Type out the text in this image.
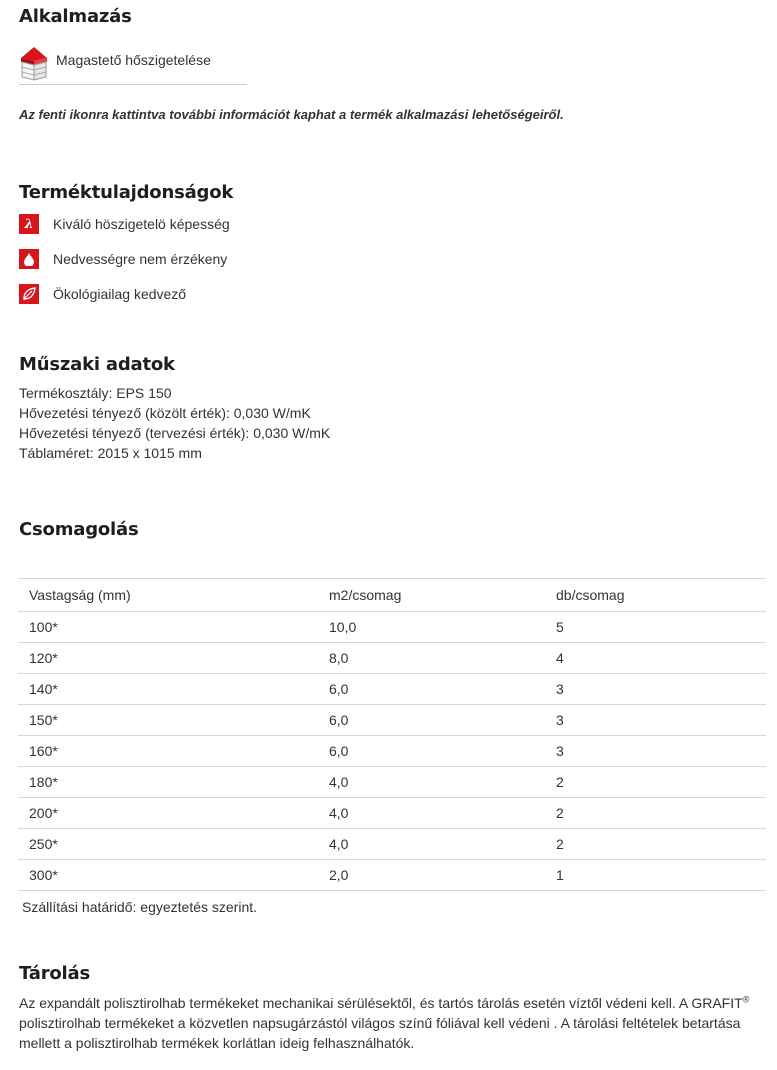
Alkalmazás
Magastető hőszigetelése
Az fenti ikonra kattintva további információt kaphat a termék alkalmazási lehetőségeiről.
Terméktulajdonságok
λ Kiváló höszigetelö képesség
Nedvességre nem érzékeny
Ökológiailag kedvező
Műszaki adatok
Termékosztály: EPS 150
Hővezetési tényező (közölt érték): 0,030 W/mK
Hővezetési tényező (tervezési érték): 0,030 W/mK
Táblaméret: 2015 x 1015 mm
Csomagolás
Vastagság (mm)	m2/csomag	db/csomag
100*	10,0	5
120*	8,0	4
140*	6,0	3
150*	6,0	3
160*	6,0	3
180*	4,0	2
200*	4,0	2
250*	4,0	2
300*	2,0	1
Szállítási határidő: egyeztetés szerint.
Tárolás
Az expandált polisztirolhab termékeket mechanikai sérülésektől, és tartós tárolás esetén víztől védeni kell. A GRAFIT® polisztirolhab termékeket a közvetlen napsugárzástól világos színű fóliával kell védeni . A tárolási feltételek betartása mellett a polisztirolhab termékek korlátlan ideig felhasználhatók.
